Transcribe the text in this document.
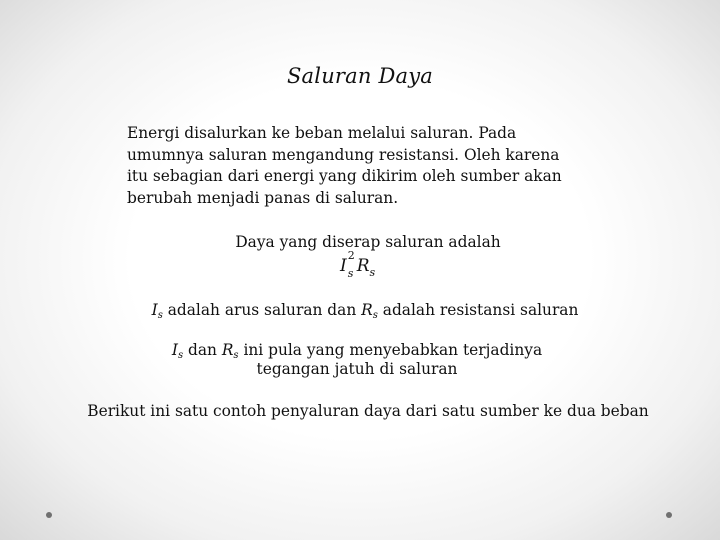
Saluran Daya
Energi disalurkan ke beban melalui saluran. Pada
umumnya saluran mengandung resistansi. Oleh karena
itu sebagian dari energi yang dikirim oleh sumber akan
berubah menjadi panas di saluran.
Daya yang diserap saluran adalah
I
2
s $R_s$
Is adalah arus saluran dan Rs adalah resistansi saluran
Is dan Rs ini pula yang menyebabkan terjadinya
tegangan jatuh di saluran
Berikut ini satu contoh penyaluran daya dari satu sumber ke dua beban
